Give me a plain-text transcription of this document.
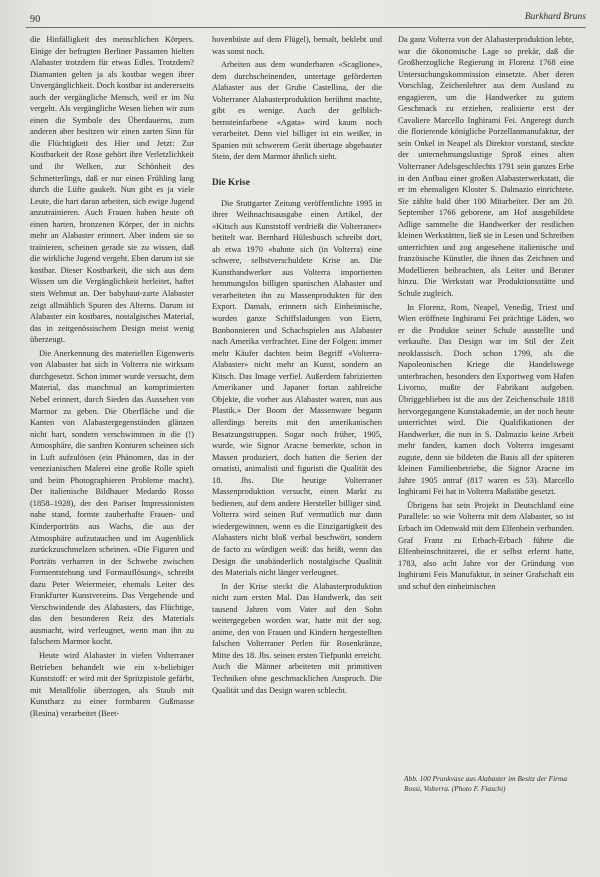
90	Burkhard Bruns

die Hinfälligkeit des menschlichen Körpers. Einige der befragten Berliner Passanten hielten Alabaster trotzdem für etwas Edles. Trotzdem? Diamanten gelten ja als kostbar wegen ihrer Unvergänglichkeit. Doch kostbar ist andererseits auch der vergängliche Mensch, weil er im Nu vergeht. Als vergängliche Wesen lieben wir zum einen die Symbole des Überdauerns, zum anderen aber besitzen wir einen zarten Sinn für die Flüchtigkeit des Hier und Jetzt: Zur Kostbarkeit der Rose gehört ihre Verletzlichkeit und ihr Welken, zur Schönheit des Schmetterlings, daß er nur einen Frühling lang durch die Lüfte gaukelt. Nun gibt es ja viele Leute, die hart daran arbeiten, sich ewige Jugend anzutrainieren. Auch Frauen haben heute oft einen harten, bronzenen Körper, der in nichts mehr an Alabaster erinnert. Aber indem sie so trainieren, scheinen gerade sie zu wissen, daß die wirkliche Jugend vergeht. Eben darum ist sie kostbar. Dieser Kostbarkeit, die sich aus dem Wissen um die Vergänglichkeit herleitet, haftet stets Wehmut an. Der babyhaut-zarte Alabaster zeigt allmählich Spuren des Alterns. Darum ist Alabaster ein kostbares, nostalgisches Material, das in zeitgenössischem Design meist wenig überzeugt.

Die Anerkennung des materiellen Eigenwerts von Alabaster hat sich in Volterra nie wirksam durchgesetzt. Schon immer wurde versucht, dem Material, das manchmal an komprimierten Nebel erinnert, durch Sieden das Aussehen von Marmor zu geben. Die Oberfläche und die Kanten von Alabastergegenständen glänzen nicht hart, sondern verschwimmen in die (!) Atmosphäre, die sanften Konturen scheinen sich in Luft aufzulösen (ein Phänomen, das in der venezianischen Malerei eine große Rolle spielt und beim Photographieren Probleme macht). Der italienische Bildhauer Medardo Rosso (1858–1928), der den Pariser Impressionisten nahe stand, formte zauberhafte Frauen- und Kinderporträts aus Wachs, die aus der Atmosphäre aufzutauchen und im Augenblick zurückzuschmelzen scheinen. «Die Figuren und Porträts verharren in der Schwebe zwischen Formentstehung und Formauflösung», schreibt dazu Peter Weiermeier, ehemals Leiter des Frankfurter Kunstvereins. Das Vergehende und Verschwindende des Alabasters, das Flüchtige, das den besonderen Reiz des Materials ausmacht, wird verleugnet, wenn man ihn zu falschem Marmor kocht.

Heute wird Alabaster in vielen Volterraner Betrieben behandelt wie ein x-beliebiger Kunststoff: er wird mit der Spritzpistole gefärbt, mit Metallfolie überzogen, als Staub mit Kunstharz zu einer formbaren Gußmasse (Resina) verarbeitet (Beet-

hovenbüste auf dem Flügel), bemalt, beklebt und was sonst noch.

Arbeiten aus dem wunderbaren «Scaglione», dem durchscheinenden, untertage geförderten Alabaster aus der Grube Castellina, der die Volterraner Alabasterproduktion berühmt machte, gibt es wenige. Auch der gelblich-bernsteinfarbene «Agata» wird kaum noch verarbeitet. Denn viel billiger ist ein weißer, in Spanien mit schwerem Gerät übertage abgebauter Stein, der dem Marmor ähnlich sieht.

Die Krise

Die Stuttgarter Zeitung veröffentlichte 1995 in ihrer Weihnachtsausgabe einen Artikel, der «Kitsch aus Kunststoff verdrießt die Volterraner» betitelt war. Bernhard Hülesbusch schreibt dort, ab etwa 1970 «bahnte sich (in Volterra) eine schwere, selbstverschuldete Krise an. Die Kunsthandwerker aus Volterra importierten hemmungslos billigen spanischen Alabaster und verarbeiteten ihn zu Massenprodukten für den Export. Damals, erinnern sich Einheimische, wurden ganze Schiffsladungen von Eiern, Bonbonnieren und Schachspielen aus Alabaster nach Amerika verfrachtet. Eine der Folgen: immer mehr Käufer dachten beim Begriff «Volterra-Alabaster» nicht mehr an Kunst, sondern an Kitsch. Das Image verfiel. Außerdem fabrizierten Amerikaner und Japaner fortan zahlreiche Objekte, die vorher aus Alabaster waren, nun aus Plastik.» Der Boom der Massenware begann allerdings bereits mit den amerikanischen Besatzungstruppen. Sogar noch früher, 1905, wurde, wie Signor Aracne bemerkte, schon in Massen produziert, doch hatten die Serien der ornatisti, animalisti und figuristi die Qualität des 18. Jhs. Die heutige Volterraner Massenproduktion versucht, einen Markt zu bedienen, auf dem andere Hersteller billiger sind. Volterra wird seinen Ruf vermutlich nur dann wiedergewinnen, wenn es die Einzigartigkeit des Alabasters nicht bloß verbal beschwört, sondern de facto zu würdigen weiß: das heißt, wenn das Design die unabänderlich nostalgische Qualität des Materials nicht länger verleugnet.

In der Krise steckt die Alabasterproduktion nicht zum ersten Mal. Das Handwerk, das seit tausend Jahren vom Vater auf den Sohn weitergegeben worden war, hatte mit der sog. anime, den von Frauen und Kindern hergestellten falschen Volterraner Perlen für Rosenkränze, Mitte des 18. Jhs. seinen ersten Tiefpunkt erreicht. Auch die Männer arbeiteten mit primitiven Techniken ohne geschmacklichen Anspruch. Die Qualität und das Design waren schlecht.

Da ganz Volterra von der Alabasterproduktion lebte, war die ökonomische Lage so prekär, daß die Großherzogliche Regierung in Florenz 1768 eine Untersuchungskommission einsetzte. Aber deren Vorschlag, Zeichenlehrer aus dem Ausland zu engagieren, um die Handwerker zu gutem Geschmack zu erziehen, realisierte erst der Cavaliere Marcello Inghirami Fei. Angeregt durch die florierende königliche Porzellanmanufaktur, der sein Onkel in Neapel als Direktor vorstand, steckte der unternehmungslustige Sproß eines alten Volterraner Adelsgeschlechts 1791 sein ganzes Erbe in den Aufbau einer großen Alabasterwerkstatt, die er im ehemaligen Kloster S. Dalmazio einrichtete. Sie zählte bald über 100 Mitarbeiter. Der am 20. September 1766 geborene, am Hof ausgebildete Adlige sammelte die Handwerker der restlichen kleinen Werkstätten, ließ sie in Lesen und Schreiben unterrichten und zog angesehene italienische und französische Künstler, die ihnen das Zeichnen und Modellieren beibrachten, als Leiter und Berater hinzu. Die Werkstatt war Produktionsstätte und Schule zugleich.

In Florenz, Rom, Neapel, Venedig, Triest und Wien eröffnete Inghirami Fei prächtige Läden, wo er die Produkte seiner Schule ausstellte und verkaufte. Das Design war im Stil der Zeit neoklassisch. Doch schon 1799, als die Napoleonischen Kriege die Handelswege unterbrachen, besonders den Exportweg vom Hafen Livorno, mußte der Fabrikant aufgeben. Übriggeblieben ist die aus der Zeichenschule 1818 hervorgegangene Kunstakademie, an der noch heute unterrichtet wird. Die Qualifikationen der Handwerker, die nun in S. Dalmazio keine Arbeit mehr fanden, kamen doch Volterra insgesamt zugute, denn sie bildeten die Basis all der späteren kleinen Familienbetriebe, die Signor Aracne im Jahre 1905 antraf (817 waren es 53). Marcello Inghirami Fei hat in Volterra Maßstäbe gesetzt.

Übrigens hat sein Projekt in Deutschland eine Parallele: so wie Volterra mit dem Alabaster, so ist Erbach im Odenwald mit dem Elfenbein verbunden. Graf Franz zu Erbach-Erbach führte die Elfenbeinschnitzerei, die er selbst erlernt hatte, 1783, also acht Jahre vor der Gründung von Inghirami Feis Manufaktur, in seiner Grafschaft ein und schuf den einheimischen

Abb. 100 Prunkvase aus Alabaster im Besitz der Firma Rossi, Volterra. (Photo F. Fiaschi)
